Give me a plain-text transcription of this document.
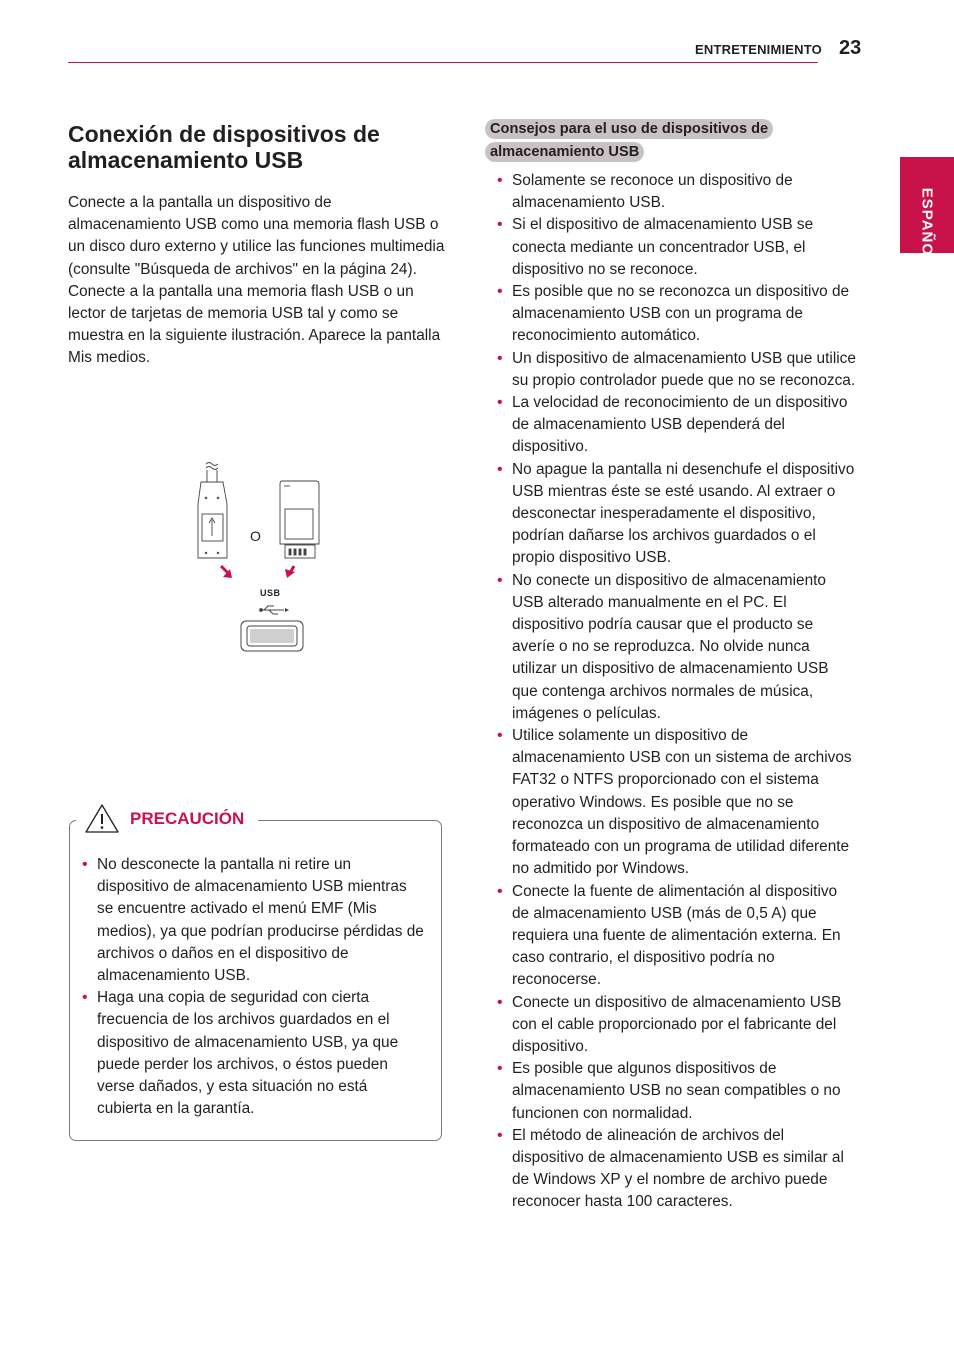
ENTRETENIMIENTO 23
ESPAÑOL
Conexión de dispositivos de almacenamiento USB

Conecte a la pantalla un dispositivo de almacenamiento USB como una memoria flash USB o un disco duro externo y utilice las funciones multimedia (consulte "Búsqueda de archivos" en la página 24).

Conecte a la pantalla una memoria flash USB o un lector de tarjetas de memoria USB tal y como se muestra en la siguiente ilustración. Aparece la pantalla Mis medios.

O
USB
PRECAUCIÓN
• No desconecte la pantalla ni retire un dispositivo de almacenamiento USB mientras se encuentre activado el menú EMF (Mis medios), ya que podrían producirse pérdidas de archivos o daños en el dispositivo de almacenamiento USB.
• Haga una copia de seguridad con cierta frecuencia de los archivos guardados en el dispositivo de almacenamiento USB, ya que puede perder los archivos, o éstos pueden verse dañados, y esta situación no está cubierta en la garantía.
Consejos para el uso de dispositivos de almacenamiento USB
• Solamente se reconoce un dispositivo de almacenamiento USB.
• Si el dispositivo de almacenamiento USB se conecta mediante un concentrador USB, el dispositivo no se reconoce.
• Es posible que no se reconozca un dispositivo de almacenamiento USB con un programa de reconocimiento automático.
• Un dispositivo de almacenamiento USB que utilice su propio controlador puede que no se reconozca.
• La velocidad de reconocimiento de un dispositivo de almacenamiento USB dependerá del dispositivo.
• No apague la pantalla ni desenchufe el dispositivo USB mientras éste se esté usando. Al extraer o desconectar inesperadamente el dispositivo, podrían dañarse los archivos guardados o el propio dispositivo USB.
• No conecte un dispositivo de almacenamiento USB alterado manualmente en el PC. El dispositivo podría causar que el producto se averíe o no se reproduzca. No olvide nunca utilizar un dispositivo de almacenamiento USB que contenga archivos normales de música, imágenes o películas.
• Utilice solamente un dispositivo de almacenamiento USB con un sistema de archivos FAT32 o NTFS proporcionado con el sistema operativo Windows. Es posible que no se reconozca un dispositivo de almacenamiento formateado con un programa de utilidad diferente no admitido por Windows.
• Conecte la fuente de alimentación al dispositivo de almacenamiento USB (más de 0,5 A) que requiera una fuente de alimentación externa. En caso contrario, el dispositivo podría no reconocerse.
• Conecte un dispositivo de almacenamiento USB con el cable proporcionado por el fabricante del dispositivo.
• Es posible que algunos dispositivos de almacenamiento USB no sean compatibles o no funcionen con normalidad.
• El método de alineación de archivos del dispositivo de almacenamiento USB es similar al de Windows XP y el nombre de archivo puede reconocer hasta 100 caracteres.
